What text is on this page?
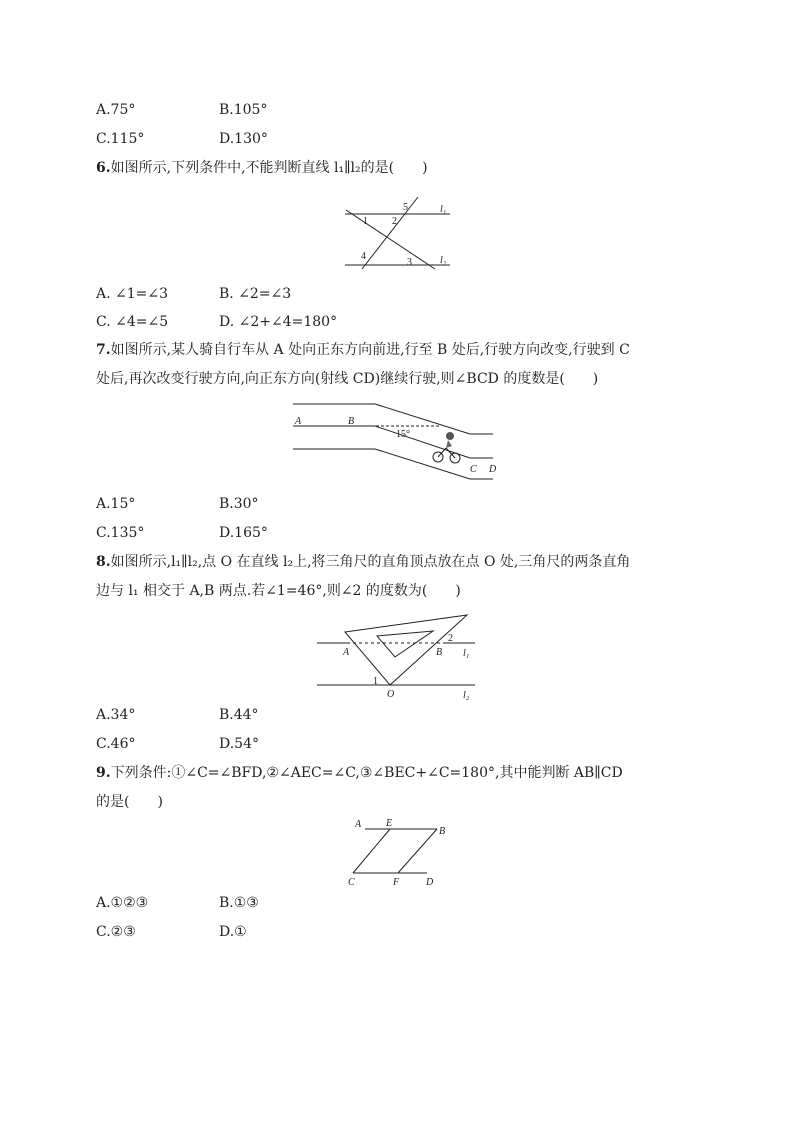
A.75°	B.105°
C.115°	D.130°
6.如图所示,下列条件中,不能判断直线 l₁∥l₂的是(　　)
1 2
3
4
5	l₁
l₂
A. ∠1=∠3	B. ∠2=∠3
C. ∠4=∠5	D. ∠2+∠4=180°
7.如图所示,某人骑自行车从 A 处向正东方向前进,行至 B 处后,行驶方向改变,行驶到 C
处后,再次改变行驶方向,向正东方向(射线 CD)继续行驶,则∠BCD 的度数是(　　)
A	B
15°
C D
A.15°	B.30°
C.135°	D.165°
8.如图所示,l₁∥l₂,点 O 在直线 l₂上,将三角尺的直角顶点放在点 O 处,三角尺的两条直角
边与 l₁ 相交于 A,B 两点.若∠1=46°,则∠2 的度数为(　　)
A	B
2
l₁
1
O	l₂
A.34°	B.44°
C.46°	D.54°
9.下列条件:①∠C=∠BFD,②∠AEC=∠C,③∠BEC+∠C=180°,其中能判断 AB∥CD
的是(　　)
A E
B
C	F	D
A.①②③	B.①③
C.②③	D.①
